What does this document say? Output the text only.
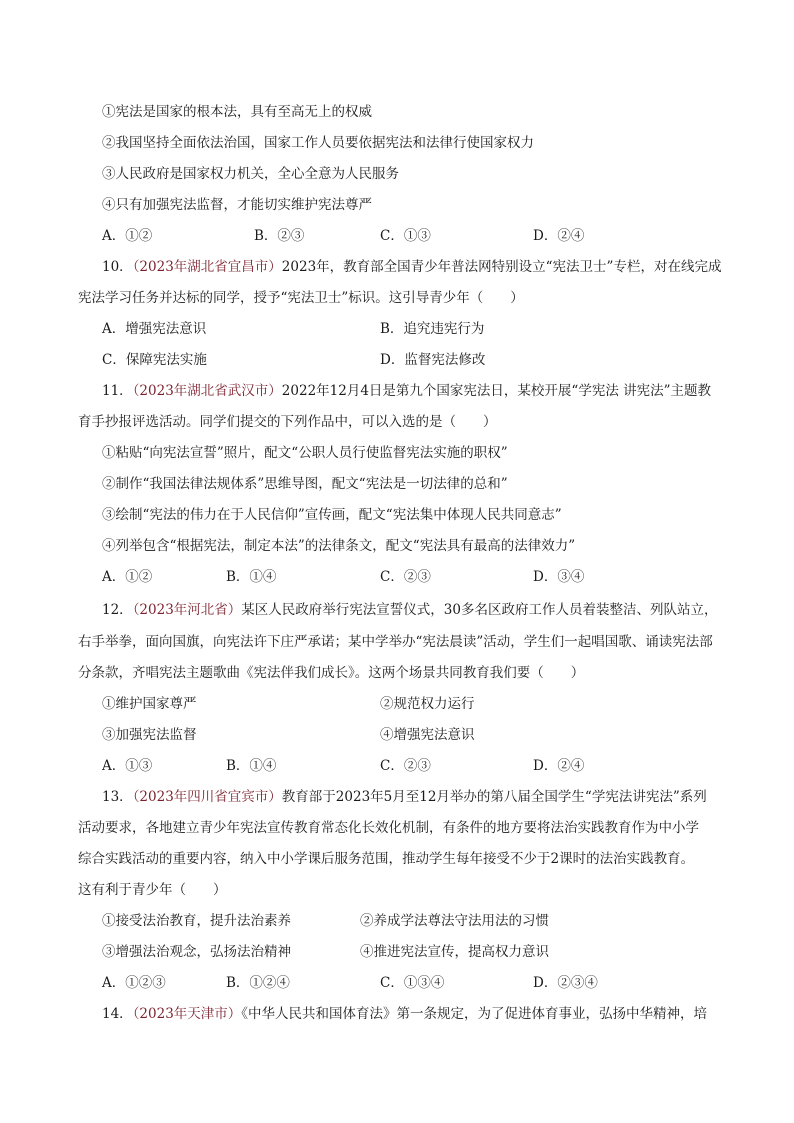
①宪法是国家的根本法，具有至高无上的权威
②我国坚持全面依法治国，国家工作人员要依据宪法和法律行使国家权力
③人民政府是国家权力机关，全心全意为人民服务
④只有加强宪法监督，才能切实维护宪法尊严
A．①②	B．②③	C．①③	D．②④
10．（2023年湖北省宜昌市）2023年，教育部全国青少年普法网特别设立“宪法卫士”专栏，对在线完成
宪法学习任务并达标的同学，授予“宪法卫士”标识。这引导青少年（　　）
A．增强宪法意识	B．追究违宪行为
C．保障宪法实施	D．监督宪法修改
11．（2023年湖北省武汉市）2022年12月4日是第九个国家宪法日，某校开展“学宪法 讲宪法”主题教
育手抄报评选活动。同学们提交的下列作品中，可以入选的是（　　）
①粘贴“向宪法宣誓”照片，配文“公职人员行使监督宪法实施的职权”
②制作“我国法律法规体系”思维导图，配文“宪法是一切法律的总和”
③绘制“宪法的伟力在于人民信仰”宣传画，配文“宪法集中体现人民共同意志”
④列举包含“根据宪法，制定本法”的法律条文，配文“宪法具有最高的法律效力”
A．①②	B．①④	C．②③	D．③④
12．（2023年河北省）某区人民政府举行宪法宣誓仪式，30多名区政府工作人员着装整洁、列队站立，
右手举拳，面向国旗，向宪法许下庄严承诺；某中学举办“宪法晨读”活动，学生们一起唱国歌、诵读宪法部
分条款，齐唱宪法主题歌曲《宪法伴我们成长》。这两个场景共同教育我们要（　　）
①维护国家尊严	②规范权力运行
③加强宪法监督	④增强宪法意识
A．①③	B．①④	C．②③	D．②④
13．（2023年四川省宜宾市）教育部于2023年5月至12月举办的第八届全国学生“学宪法讲宪法”系列
活动要求，各地建立青少年宪法宣传教育常态化长效化机制，有条件的地方要将法治实践教育作为中小学
综合实践活动的重要内容，纳入中小学课后服务范围，推动学生每年接受不少于2课时的法治实践教育。
这有利于青少年（　　）
①接受法治教育，提升法治素养	②养成学法尊法守法用法的习惯
③增强法治观念，弘扬法治精神	④推进宪法宣传，提高权力意识
A．①②③	B．①②④	C．①③④	D．②③④
14．（2023年天津市）《中华人民共和国体育法》第一条规定，为了促进体育事业，弘扬中华精神，培
